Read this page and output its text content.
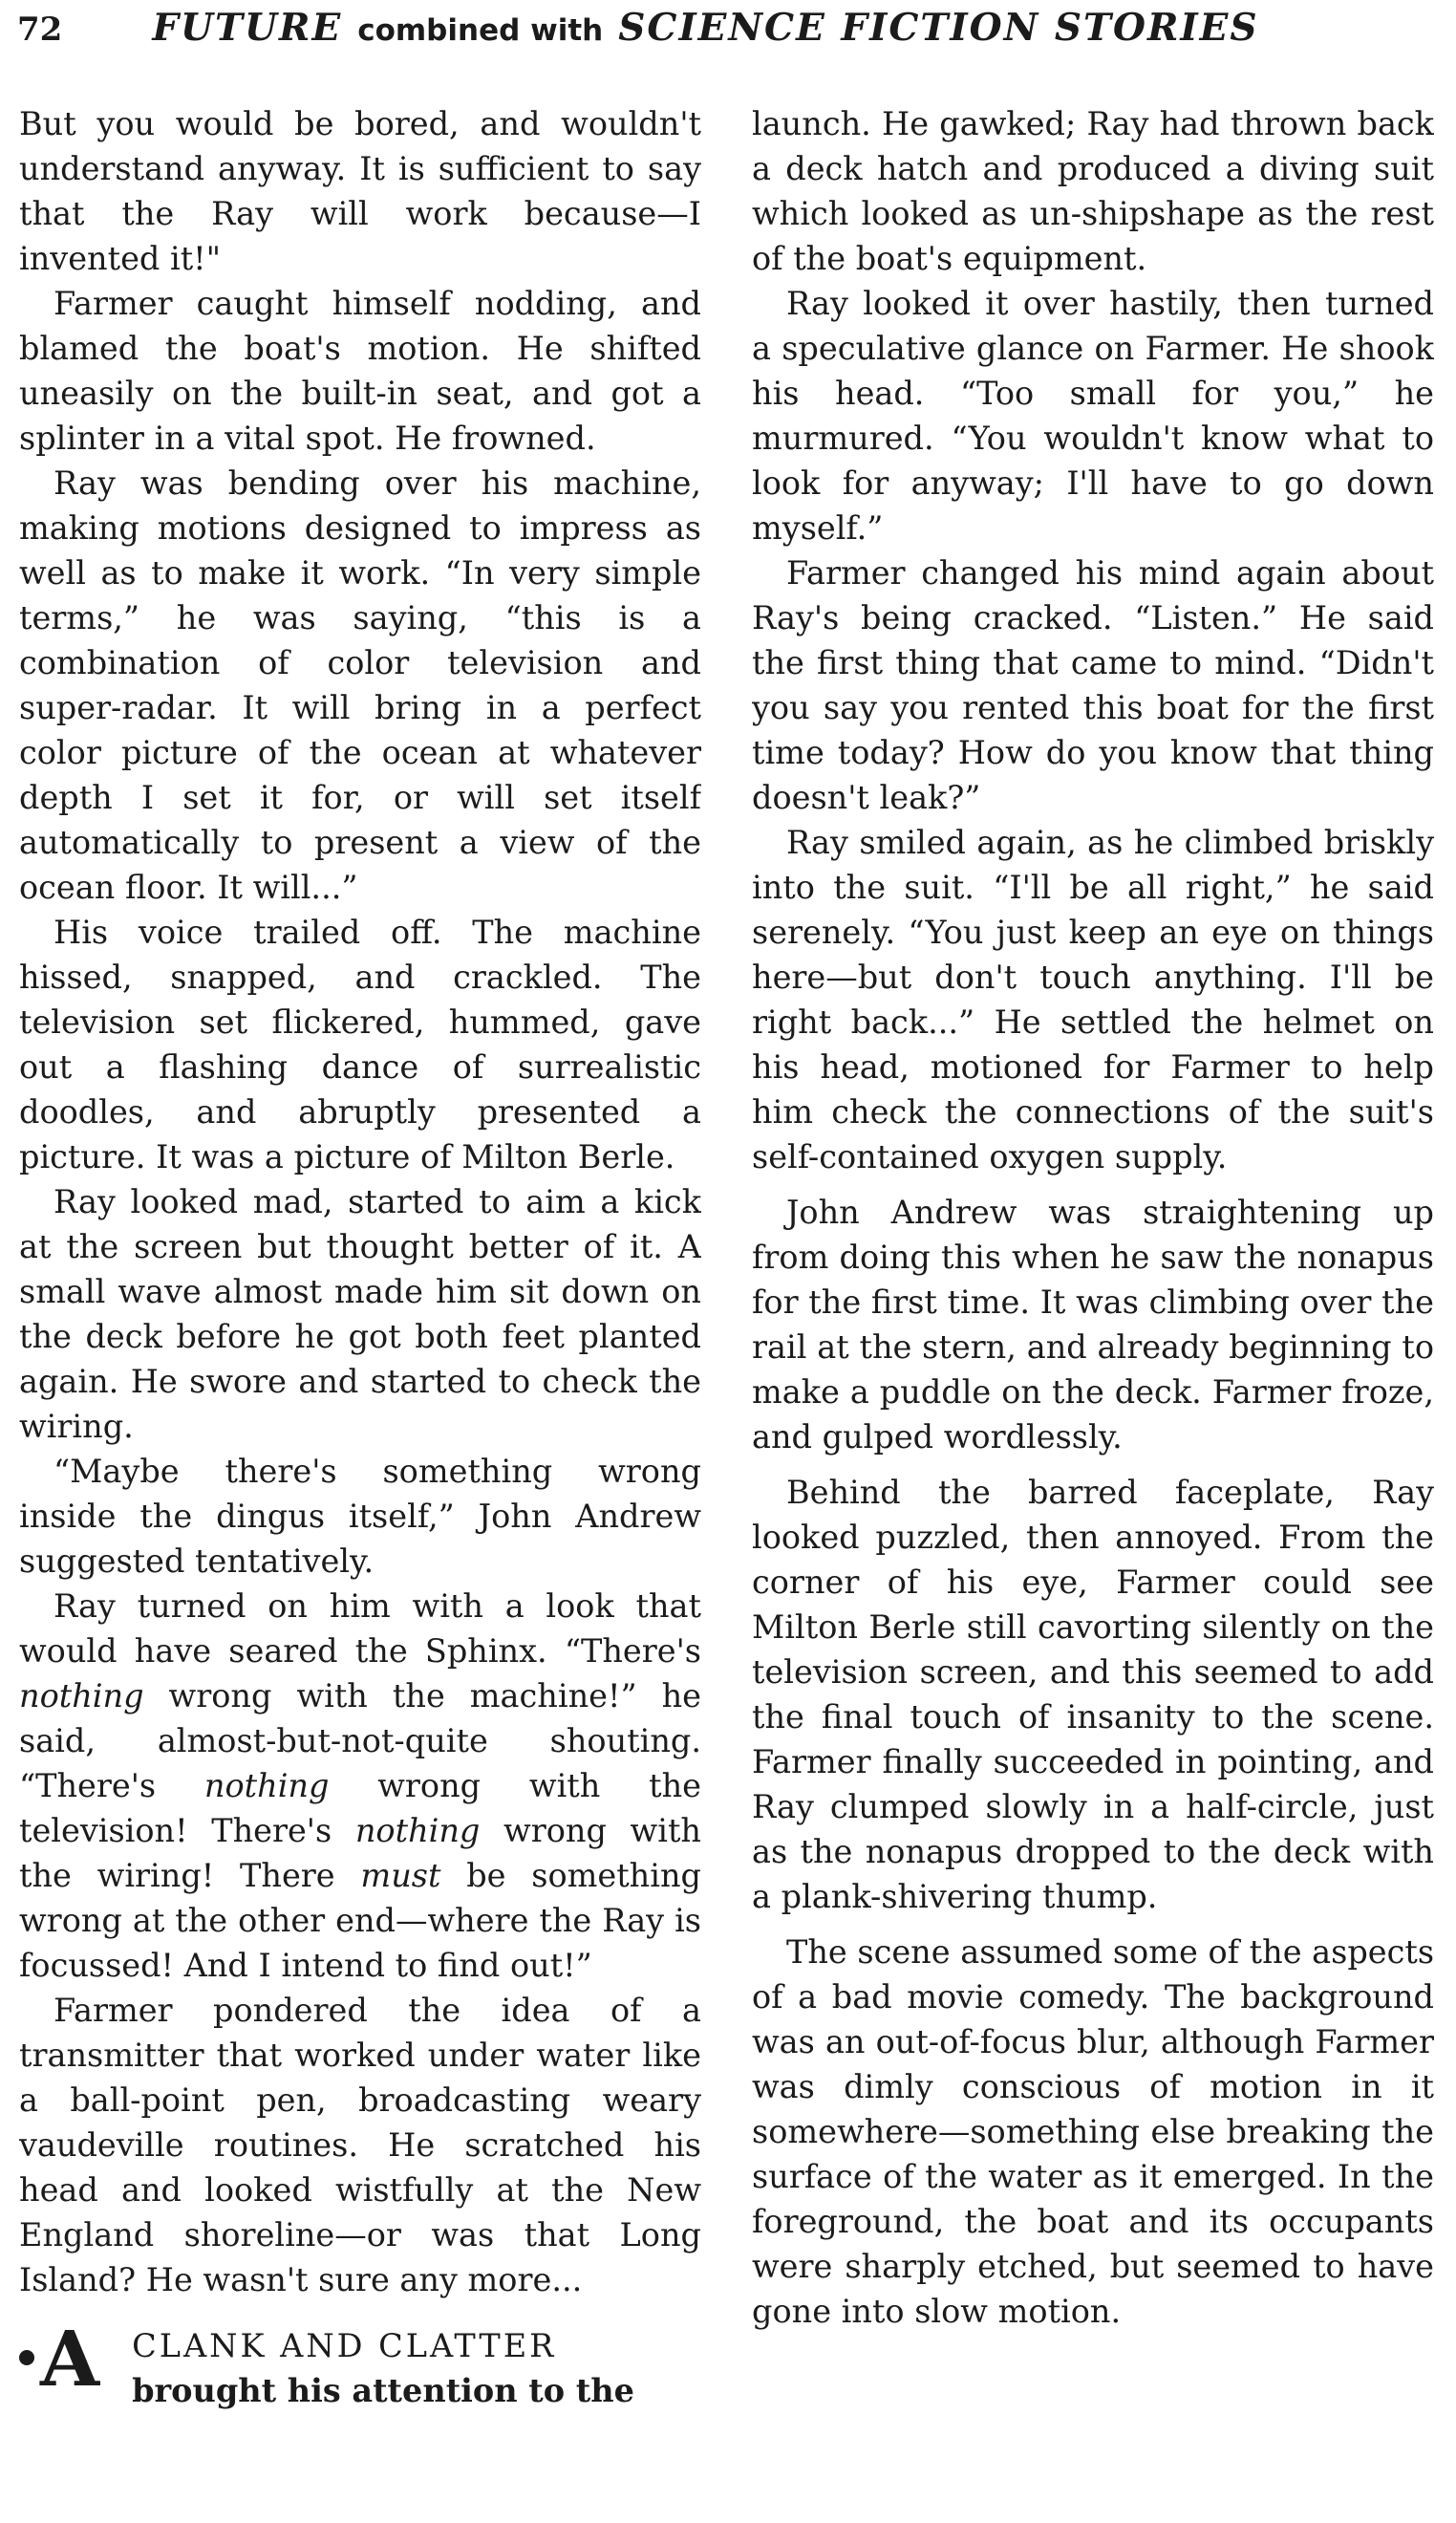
72 FUTURE combined with SCIENCE FICTION STORIES

But you would be bored, and wouldn't understand anyway. It is sufficient to say that the Ray will work because—I invented it!"

Farmer caught himself nodding, and blamed the boat's motion. He shifted uneasily on the built-in seat, and got a splinter in a vital spot. He frowned.

Ray was bending over his machine, making motions designed to impress as well as to make it work. “In very simple terms,” he was saying, “this is a combination of color television and super-radar. It will bring in a perfect color picture of the ocean at whatever depth I set it for, or will set itself automatically to present a view of the ocean floor. It will...”

His voice trailed off. The machine hissed, snapped, and crackled. The television set flickered, hummed, gave out a flashing dance of surrealistic doodles, and abruptly presented a picture. It was a picture of Milton Berle.

Ray looked mad, started to aim a kick at the screen but thought better of it. A small wave almost made him sit down on the deck before he got both feet planted again. He swore and started to check the wiring.

“Maybe there's something wrong inside the dingus itself,” John Andrew suggested tentatively.

Ray turned on him with a look that would have seared the Sphinx. “There's nothing wrong with the machine!” he said, almost-but-not-quite shouting. “There's nothing wrong with the television! There's nothing wrong with the wiring! There must be something wrong at the other end—where the Ray is focussed! And I intend to find out!”

Farmer pondered the idea of a transmitter that worked under water like a ball-point pen, broadcasting weary vaudeville routines. He scratched his head and looked wistfully at the New England shoreline—or was that Long Island? He wasn't sure any more...

A CLANK AND CLATTER
brought his attention to the

launch. He gawked; Ray had thrown back a deck hatch and produced a diving suit which looked as un-shipshape as the rest of the boat's equipment.

Ray looked it over hastily, then turned a speculative glance on Farmer. He shook his head. “Too small for you,” he murmured. “You wouldn't know what to look for anyway; I'll have to go down myself.”

Farmer changed his mind again about Ray's being cracked. “Listen.” He said the first thing that came to mind. “Didn't you say you rented this boat for the first time today? How do you know that thing doesn't leak?”

Ray smiled again, as he climbed briskly into the suit. “I'll be all right,” he said serenely. “You just keep an eye on things here—but don't touch anything. I'll be right back...” He settled the helmet on his head, motioned for Farmer to help him check the connections of the suit's self-contained oxygen supply.

John Andrew was straightening up from doing this when he saw the nonapus for the first time. It was climbing over the rail at the stern, and already beginning to make a puddle on the deck. Farmer froze, and gulped wordlessly.

Behind the barred faceplate, Ray looked puzzled, then annoyed. From the corner of his eye, Farmer could see Milton Berle still cavorting silently on the television screen, and this seemed to add the final touch of insanity to the scene. Farmer finally succeeded in pointing, and Ray clumped slowly in a half-circle, just as the nonapus dropped to the deck with a plank-shivering thump.

The scene assumed some of the aspects of a bad movie comedy. The background was an out-of-focus blur, although Farmer was dimly conscious of motion in it somewhere—something else breaking the surface of the water as it emerged. In the foreground, the boat and its occupants were sharply etched, but seemed to have gone into slow motion.
